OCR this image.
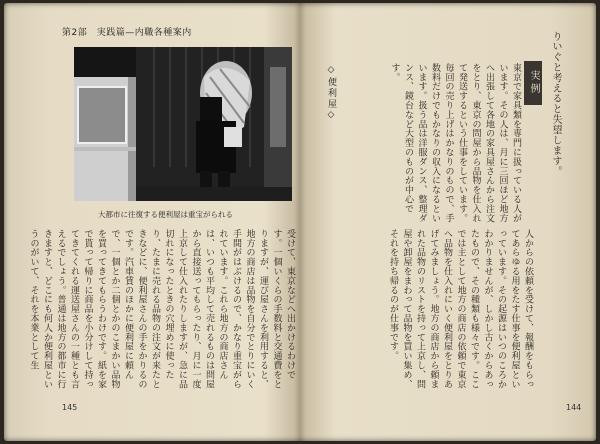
第2部　実践篇—内職各種案内
大都市に往復する便利屋は重宝がられる
受けて、東京などへ出かけるわけです。一個いくらの手数料と交通費をとりますが、運び屋さんを利用すると、地方の商店は品物を自分でとりにいく手間がはぶけるので、かなり重宝がられています。これら地方の商店さんは、いつも平均して売れるものは問屋から直接送ってもらったり、月に一度上京して仕入れたりしますが、急に品切れになったときの穴埋めに使ったり、たまに売れる品物の注文が来たときなどに、便利屋さんの手をかりるのです。汽車賃のほかに便利屋に頼んで、一個とか二個とかのこまかい品物を買ってきてもらうわけです。紙を家で貰って帰りに商品を小分けして持ってきてくれる運送屋さんの一種とも言えるでしょう。普通は地方の都市に行きますと、どこにも何人か便利屋というのがいて、それを本業として生
145
りいぐと考えると失望します。
実例
東京で家具類を専門に扱っている人がいます。その人は、月に三回ほど地方へ出張して各地の家具屋さんから注文をとり、東京の問屋から品物を仕入れて発送するという仕事をしています。毎回の売り上げはかなりのもので、手数料だけでもかなりの収入になるといいます。扱う品は洋服ダンス、整理ダンス、鏡台など大型のものが中心です。
◇便利屋◇
人からの依頼を受けて、報酬をもらってあらゆる用をたす仕事を便利屋といっています。その起源はいつのころかわかりませんが、しかし古くからあったもので、その種類も様々です。ここでは主として地方の商店の依頼で東京へ品物を仕入れにいく便利屋をとりあげてみましょう。地方の商店から頼まれた品物のリストを持って上京し、問屋や卸屋をまわって品物を買い集め、それを持ち帰るのが仕事です。
144
